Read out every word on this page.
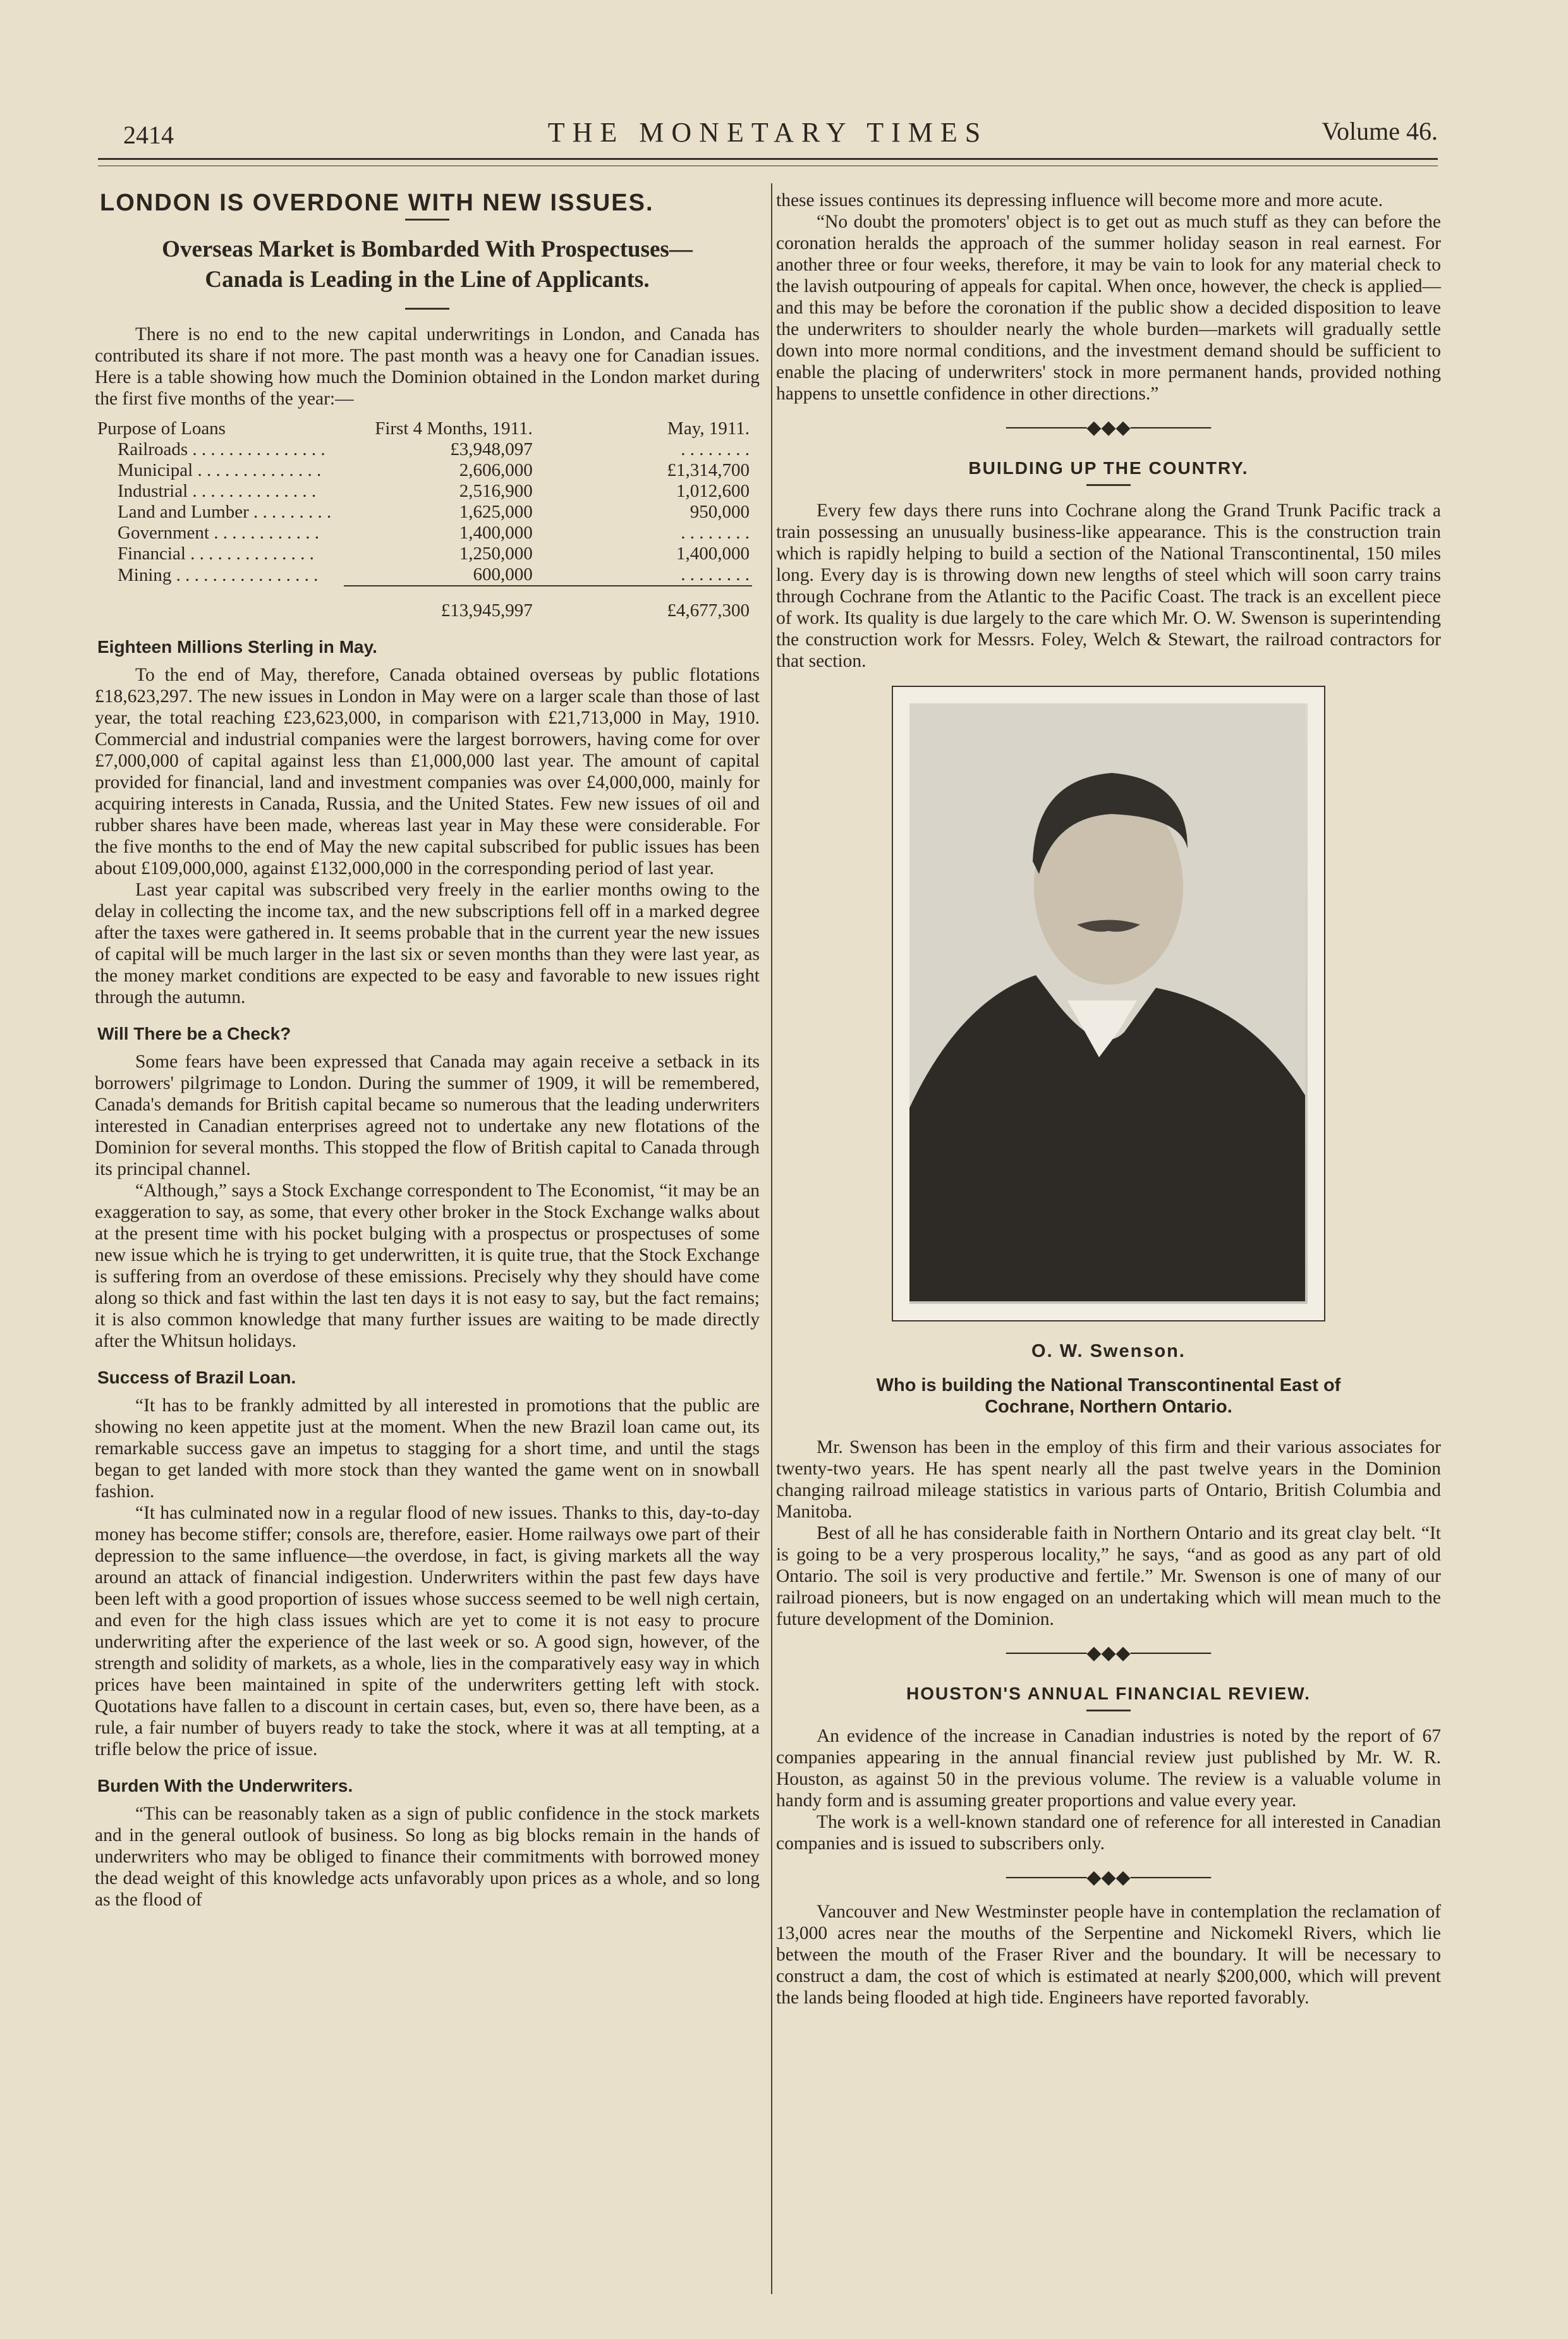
2414	THE MONETARY TIMES	Volume 46.
LONDON IS OVERDONE WITH NEW ISSUES.
Overseas Market is Bombarded With Prospectuses—
Canada is Leading in the Line of Applicants.

There is no end to the new capital underwritings in London, and Canada has contributed its share if not more. The past month was a heavy one for Canadian issues. Here is a table showing how much the Dominion obtained in the London market during the first five months of the year:—

Purpose of Loans	First 4 Months, 1911.	May, 1911.
Railroads . . . . . . . . . . . . . . .	£3,948,097	. . . . . . . .
Municipal . . . . . . . . . . . . . .	2,606,000	£1,314,700
Industrial . . . . . . . . . . . . . .	2,516,900	1,012,600
Land and Lumber . . . . . . . . .	1,625,000	950,000
Government . . . . . . . . . . . .	1,400,000	. . . . . . . .
Financial . . . . . . . . . . . . . .	1,250,000	1,400,000
Mining . . . . . . . . . . . . . . . .	600,000	. . . . . . . .
	£13,945,997	£4,677,300
Eighteen Millions Sterling in May.

To the end of May, therefore, Canada obtained overseas by public flotations £18,623,297. The new issues in London in May were on a larger scale than those of last year, the total reaching £23,623,000, in comparison with £21,713,000 in May, 1910. Commercial and industrial companies were the largest borrowers, having come for over £7,000,000 of capital against less than £1,000,000 last year. The amount of capital provided for financial, land and investment companies was over £4,000,000, mainly for acquiring interests in Canada, Russia, and the United States. Few new issues of oil and rubber shares have been made, whereas last year in May these were considerable. For the five months to the end of May the new capital subscribed for public issues has been about £109,000,000, against £132,000,000 in the corresponding period of last year.

Last year capital was subscribed very freely in the earlier months owing to the delay in collecting the income tax, and the new subscriptions fell off in a marked degree after the taxes were gathered in. It seems probable that in the current year the new issues of capital will be much larger in the last six or seven months than they were last year, as the money market conditions are expected to be easy and favorable to new issues right through the autumn.

Will There be a Check?

Some fears have been expressed that Canada may again receive a setback in its borrowers' pilgrimage to London. During the summer of 1909, it will be remembered, Canada's demands for British capital became so numerous that the leading underwriters interested in Canadian enterprises agreed not to undertake any new flotations of the Dominion for several months. This stopped the flow of British capital to Canada through its principal channel.

“Although,” says a Stock Exchange correspondent to The Economist, “it may be an exaggeration to say, as some, that every other broker in the Stock Exchange walks about at the present time with his pocket bulging with a prospectus or prospectuses of some new issue which he is trying to get underwritten, it is quite true, that the Stock Exchange is suffering from an overdose of these emissions. Precisely why they should have come along so thick and fast within the last ten days it is not easy to say, but the fact remains; it is also common knowledge that many further issues are waiting to be made directly after the Whitsun holidays.

Success of Brazil Loan.

“It has to be frankly admitted by all interested in promotions that the public are showing no keen appetite just at the moment. When the new Brazil loan came out, its remarkable success gave an impetus to stagging for a short time, and until the stags began to get landed with more stock than they wanted the game went on in snowball fashion.

“It has culminated now in a regular flood of new issues. Thanks to this, day-to-day money has become stiffer; consols are, therefore, easier. Home railways owe part of their depression to the same influence—the overdose, in fact, is giving markets all the way around an attack of financial indigestion. Underwriters within the past few days have been left with a good proportion of issues whose success seemed to be well nigh certain, and even for the high class issues which are yet to come it is not easy to procure underwriting after the experience of the last week or so. A good sign, however, of the strength and solidity of markets, as a whole, lies in the comparatively easy way in which prices have been maintained in spite of the underwriters getting left with stock. Quotations have fallen to a discount in certain cases, but, even so, there have been, as a rule, a fair number of buyers ready to take the stock, where it was at all tempting, at a trifle below the price of issue.

Burden With the Underwriters.

“This can be reasonably taken as a sign of public confidence in the stock markets and in the general outlook of business. So long as big blocks remain in the hands of underwriters who may be obliged to finance their commitments with borrowed money the dead weight of this knowledge acts unfavorably upon prices as a whole, and so long as the flood of

these issues continues its depressing influence will become more and more acute.

“No doubt the promoters' object is to get out as much stuff as they can before the coronation heralds the approach of the summer holiday season in real earnest. For another three or four weeks, therefore, it may be vain to look for any material check to the lavish outpouring of appeals for capital. When once, however, the check is applied—and this may be before the coronation if the public show a decided disposition to leave the underwriters to shoulder nearly the whole burden—markets will gradually settle down into more normal conditions, and the investment demand should be sufficient to enable the placing of underwriters' stock in more permanent hands, provided nothing happens to unsettle confidence in other directions.”

──────◆◆◆──────
BUILDING UP THE COUNTRY.

Every few days there runs into Cochrane along the Grand Trunk Pacific track a train possessing an unusually business-like appearance. This is the construction train which is rapidly helping to build a section of the National Transcontinental, 150 miles long. Every day is is throwing down new lengths of steel which will soon carry trains through Cochrane from the Atlantic to the Pacific Coast. The track is an excellent piece of work. Its quality is due largely to the care which Mr. O. W. Swenson is superintending the construction work for Messrs. Foley, Welch & Stewart, the railroad contractors for that section.

O. W. Swenson.
Who is building the National Transcontinental East of
Cochrane, Northern Ontario.

Mr. Swenson has been in the employ of this firm and their various associates for twenty-two years. He has spent nearly all the past twelve years in the Dominion changing railroad mileage statistics in various parts of Ontario, British Columbia and Manitoba.

Best of all he has considerable faith in Northern Ontario and its great clay belt. “It is going to be a very prosperous locality,” he says, “and as good as any part of old Ontario. The soil is very productive and fertile.” Mr. Swenson is one of many of our railroad pioneers, but is now engaged on an undertaking which will mean much to the future development of the Dominion.

──────◆◆◆──────
HOUSTON'S ANNUAL FINANCIAL REVIEW.

An evidence of the increase in Canadian industries is noted by the report of 67 companies appearing in the annual financial review just published by Mr. W. R. Houston, as against 50 in the previous volume. The review is a valuable volume in handy form and is assuming greater proportions and value every year.

The work is a well-known standard one of reference for all interested in Canadian companies and is issued to subscribers only.

──────◆◆◆──────

Vancouver and New Westminster people have in contemplation the reclamation of 13,000 acres near the mouths of the Serpentine and Nickomekl Rivers, which lie between the mouth of the Fraser River and the boundary. It will be necessary to construct a dam, the cost of which is estimated at nearly $200,000, which will prevent the lands being flooded at high tide. Engineers have reported favorably.
